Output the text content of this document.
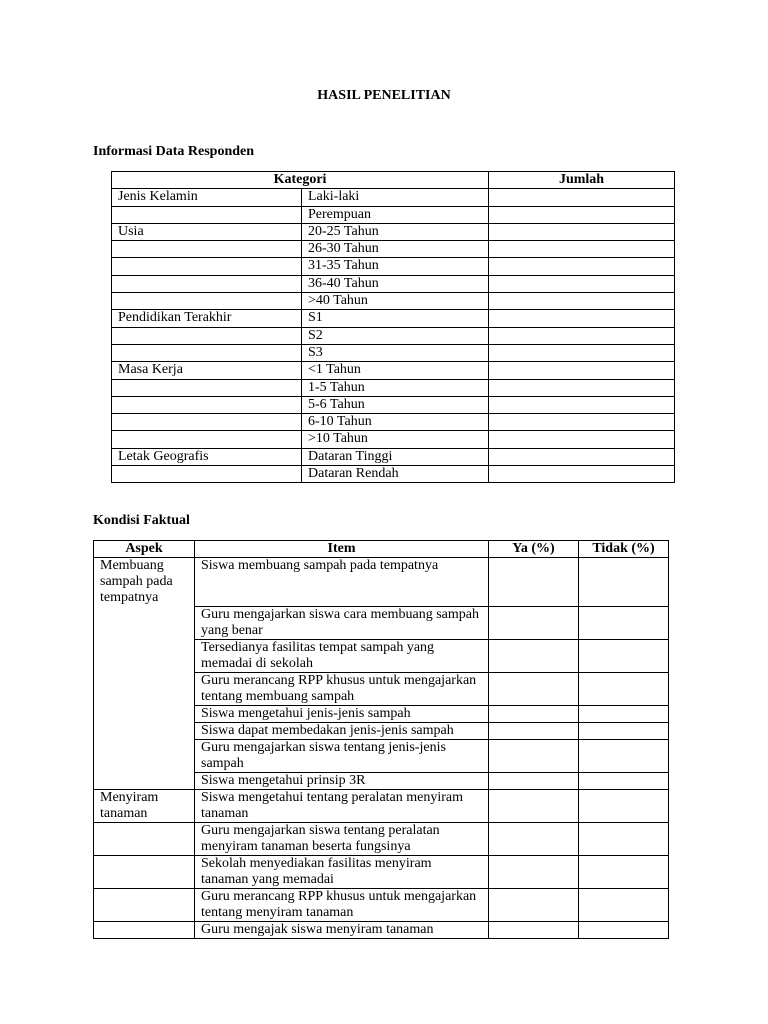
HASIL PENELITIAN
Informasi Data Responden
Kategori		Jumlah
Jenis Kelamin	Laki-laki	
	Perempuan	
Usia	20-25 Tahun	
	26-30 Tahun	
	31-35 Tahun	
	36-40 Tahun	
	>40 Tahun	
Pendidikan Terakhir	S1	
	S2	
	S3	
Masa Kerja	<1 Tahun	
	1-5 Tahun	
	5-6 Tahun	
	6-10 Tahun	
	>10 Tahun	
Letak Geografis	Dataran Tinggi	
	Dataran Rendah	
Kondisi Faktual
Aspek	Item	Ya (%)	Tidak (%)
Membuang sampah pada tempatnya	Siswa membuang sampah pada tempatnya		
	Guru mengajarkan siswa cara membuang sampah yang benar		
	Tersedianya fasilitas tempat sampah yang memadai di sekolah		
	Guru merancang RPP khusus untuk mengajarkan tentang membuang sampah		
	Siswa mengetahui jenis-jenis sampah		
	Siswa dapat membedakan jenis-jenis sampah		
	Guru mengajarkan siswa tentang jenis-jenis sampah		
	Siswa mengetahui prinsip 3R		
Menyiram tanaman	Siswa mengetahui tentang peralatan menyiram tanaman		
	Guru mengajarkan siswa tentang peralatan menyiram tanaman beserta fungsinya		
	Sekolah menyediakan fasilitas menyiram tanaman yang memadai		
	Guru merancang RPP khusus untuk mengajarkan tentang menyiram tanaman		
	Guru mengajak siswa menyiram tanaman		
